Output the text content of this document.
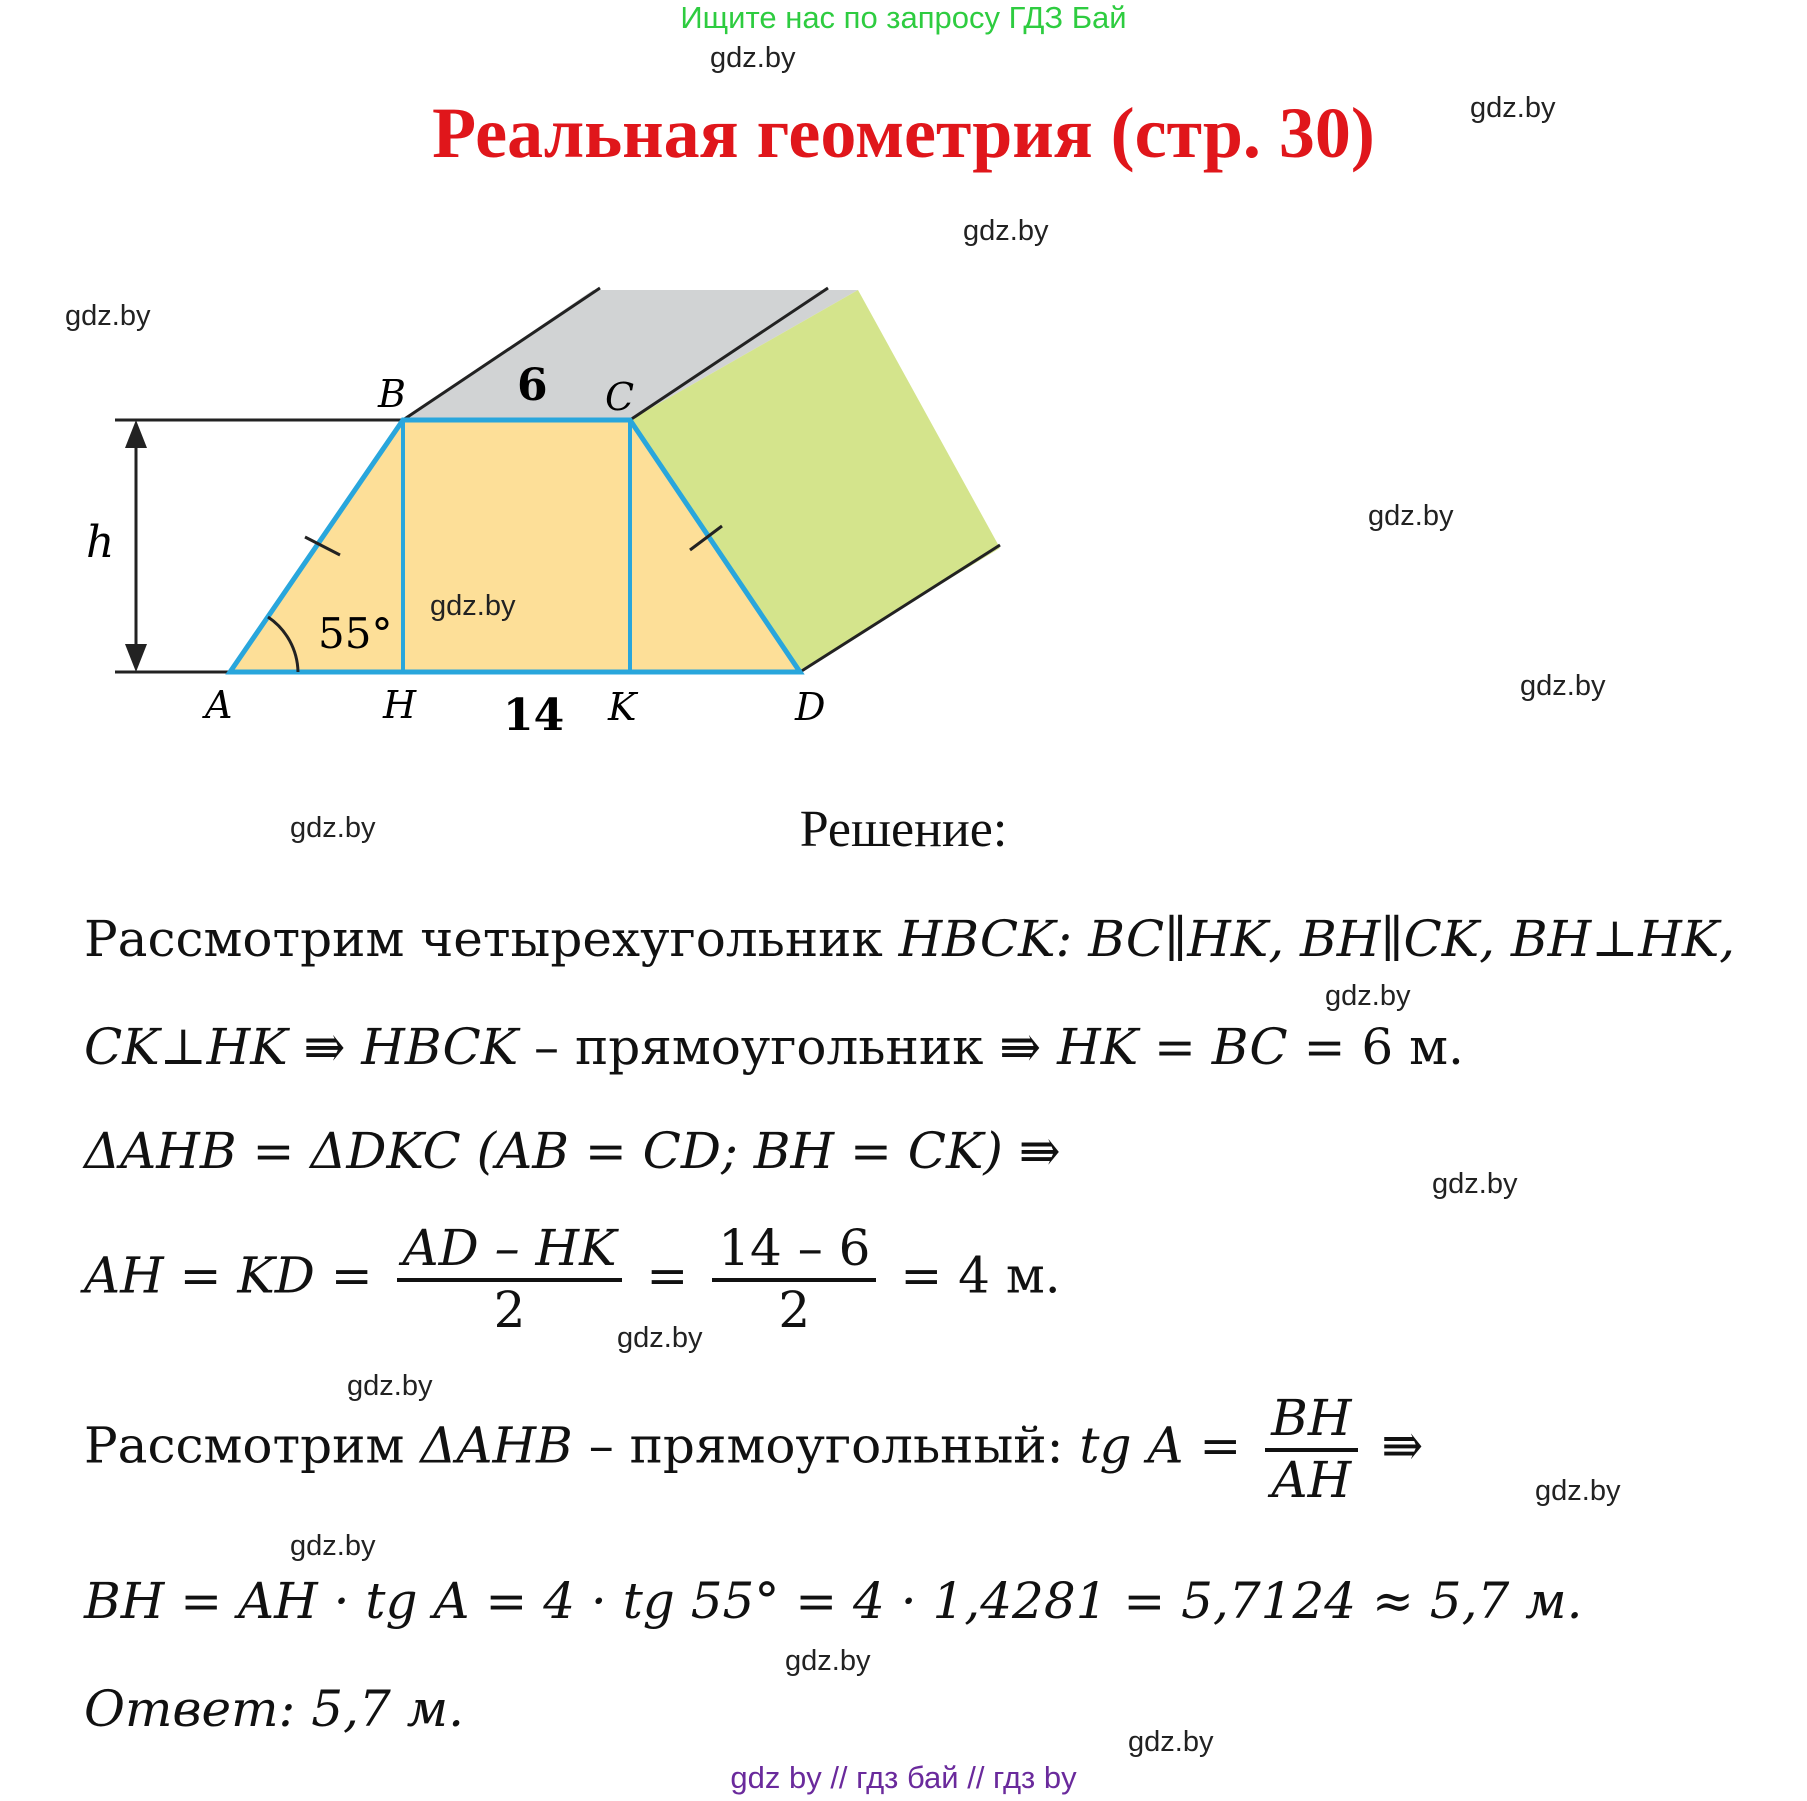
Ищите нас по запросу ГДЗ Бай
Реальная геометрия (стр. 30)
gdz.by
gdz.by
gdz.by
gdz.by
gdz.by
gdz.by
gdz.by
gdz.by
gdz.by
gdz.by
gdz.by
gdz.by
gdz.by
gdz.by
gdz.by
B	C
6
h
55°
A	H 14 K	D
gdz.by
Решение:
Рассмотрим четырехугольник HBCK: BC∥HK, BH∥CK, BH⊥HK,
CK⊥HK ⇛ HBCK – прямоугольник ⇛ HK = BC = 6 м.
ΔAHB = ΔDKC (AB = CD; BH = CK) ⇛
AH = KD = $\frac{AD - HK}{2} = \frac{14 - 6}{2} = 4$ м.
Рассмотрим ΔAHB – прямоугольный: tg $A = \frac{BH}{AH}$ ⇛
BH = AH · tg A = 4 · tg 55° = 4 · 1,4281 = 5,7124 ≈ 5,7 м.
Ответ: 5,7 м.
gdz by // гдз бай // гдз by
